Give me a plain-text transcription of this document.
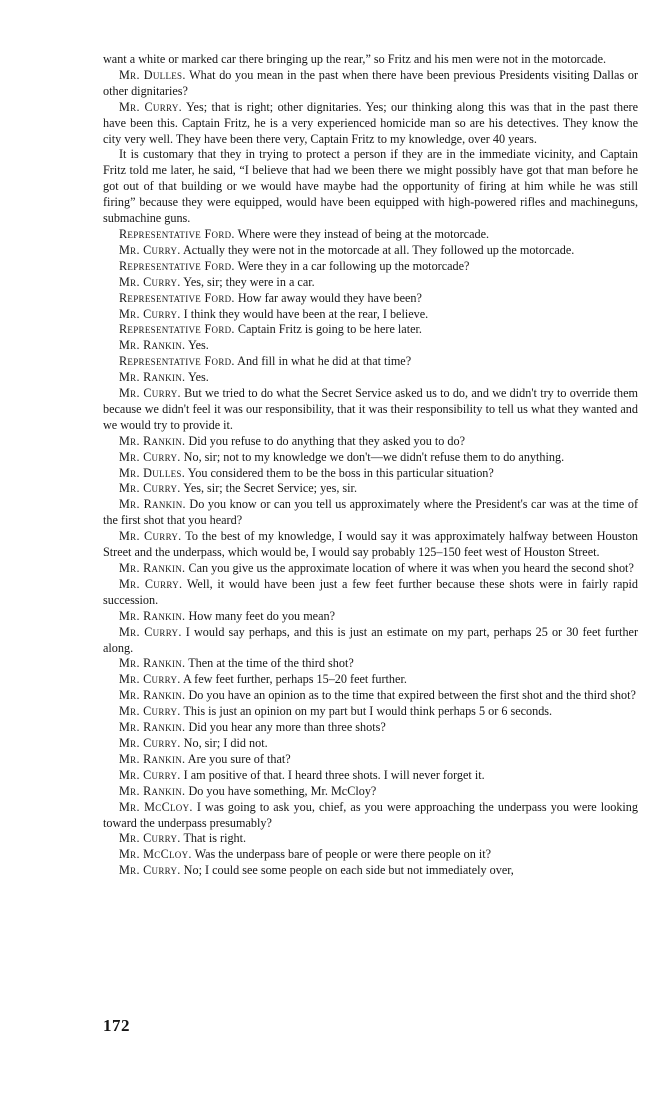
want a white or marked car there bringing up the rear,” so Fritz and his men were not in the motorcade.

Mr. Dulles. What do you mean in the past when there have been previous Presidents visiting Dallas or other dignitaries?

Mr. Curry. Yes; that is right; other dignitaries. Yes; our thinking along this was that in the past there have been this. Captain Fritz, he is a very experienced homicide man so are his detectives. They know the city very well. They have been there very, Captain Fritz to my knowledge, over 40 years.

It is customary that they in trying to protect a person if they are in the immediate vicinity, and Captain Fritz told me later, he said, “I believe that had we been there we might possibly have got that man before he got out of that building or we would have maybe had the opportunity of firing at him while he was still firing” because they were equipped, would have been equipped with high-powered rifles and machineguns, submachine guns.

Representative Ford. Where were they instead of being at the motorcade.

Mr. Curry. Actually they were not in the motorcade at all. They followed up the motorcade.

Representative Ford. Were they in a car following up the motorcade?

Mr. Curry. Yes, sir; they were in a car.

Representative Ford. How far away would they have been?

Mr. Curry. I think they would have been at the rear, I believe.

Representative Ford. Captain Fritz is going to be here later.

Mr. Rankin. Yes.

Representative Ford. And fill in what he did at that time?

Mr. Rankin. Yes.

Mr. Curry. But we tried to do what the Secret Service asked us to do, and we didn't try to override them because we didn't feel it was our responsibility, that it was their responsibility to tell us what they wanted and we would try to provide it.

Mr. Rankin. Did you refuse to do anything that they asked you to do?

Mr. Curry. No, sir; not to my knowledge we don't—we didn't refuse them to do anything.

Mr. Dulles. You considered them to be the boss in this particular situation?

Mr. Curry. Yes, sir; the Secret Service; yes, sir.

Mr. Rankin. Do you know or can you tell us approximately where the President's car was at the time of the first shot that you heard?

Mr. Curry. To the best of my knowledge, I would say it was approximately halfway between Houston Street and the underpass, which would be, I would say probably 125–150 feet west of Houston Street.

Mr. Rankin. Can you give us the approximate location of where it was when you heard the second shot?

Mr. Curry. Well, it would have been just a few feet further because these shots were in fairly rapid succession.

Mr. Rankin. How many feet do you mean?

Mr. Curry. I would say perhaps, and this is just an estimate on my part, perhaps 25 or 30 feet further along.

Mr. Rankin. Then at the time of the third shot?

Mr. Curry. A few feet further, perhaps 15–20 feet further.

Mr. Rankin. Do you have an opinion as to the time that expired between the first shot and the third shot?

Mr. Curry. This is just an opinion on my part but I would think perhaps 5 or 6 seconds.

Mr. Rankin. Did you hear any more than three shots?

Mr. Curry. No, sir; I did not.

Mr. Rankin. Are you sure of that?

Mr. Curry. I am positive of that. I heard three shots. I will never forget it.

Mr. Rankin. Do you have something, Mr. McCloy?

Mr. McCloy. I was going to ask you, chief, as you were approaching the underpass you were looking toward the underpass presumably?

Mr. Curry. That is right.

Mr. McCloy. Was the underpass bare of people or were there people on it?

Mr. Curry. No; I could see some people on each side but not immediately over,

172
